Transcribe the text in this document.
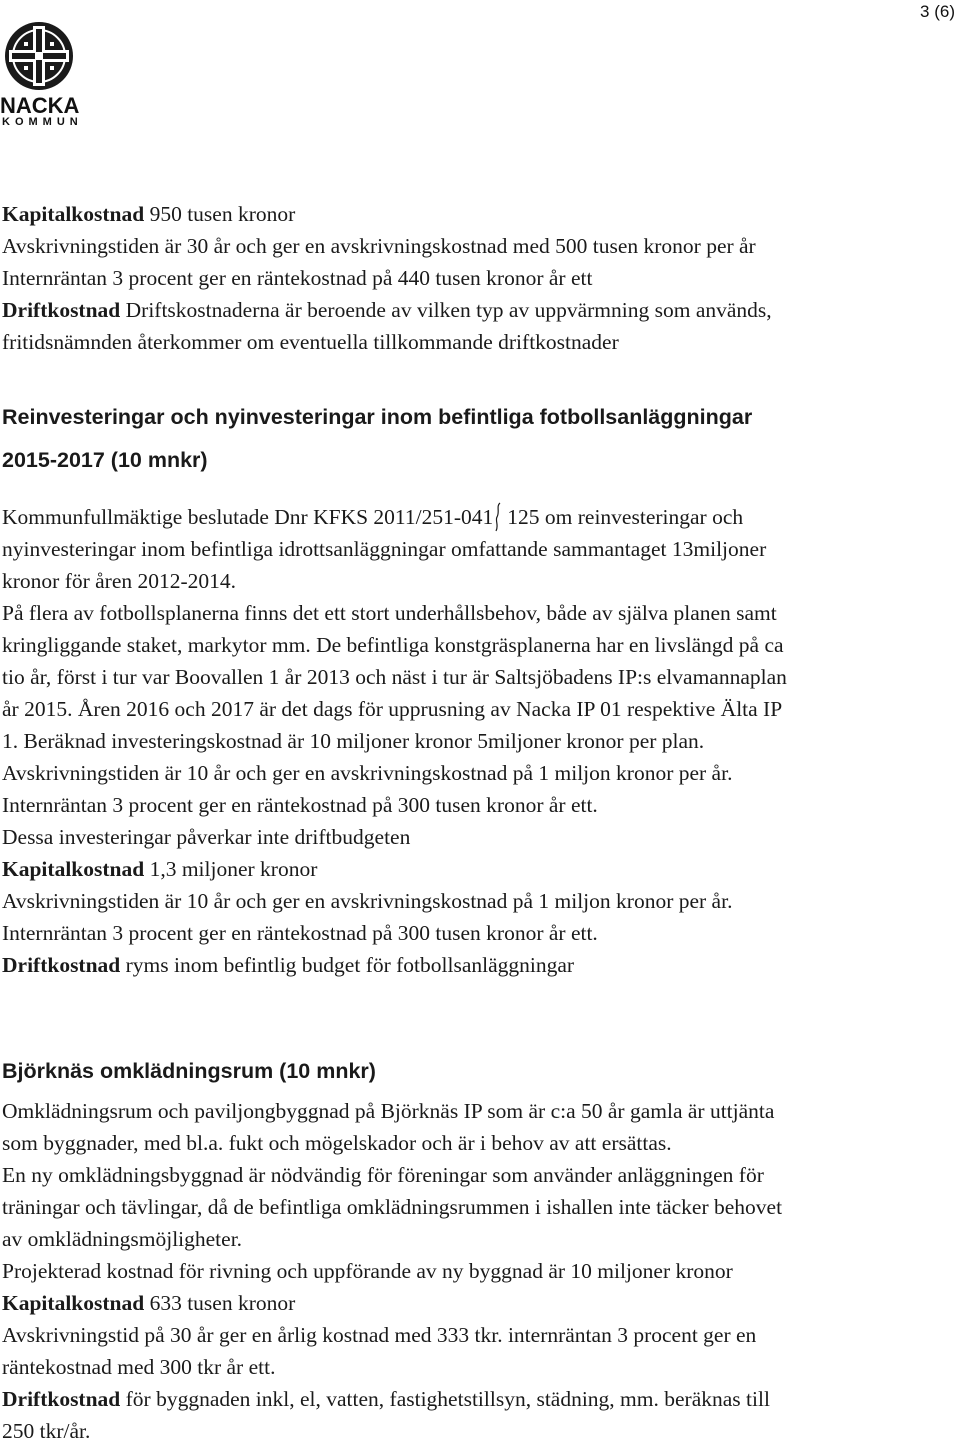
3 (6)
NACKA
KOMMUN

Kapitalkostnad 950 tusen kronor

Avskrivningstiden är 30 år och ger en avskrivningskostnad med 500 tusen kronor per år

Internräntan 3 procent ger en räntekostnad på 440 tusen kronor år ett

Driftkostnad Driftskostnaderna är beroende av vilken typ av uppvärmning som används,

fritidsnämnden återkommer om eventuella tillkommande driftkostnader

Reinvesteringar och nyinvesteringar inom befintliga fotbollsanläggningar

2015-2017 (10 mnkr)

Kommunfullmäktige beslutade Dnr KFKS 2011/251-041 125 om reinvesteringar och

nyinvesteringar inom befintliga idrottsanläggningar omfattande sammantaget 13miljoner

kronor för åren 2012-2014.

På flera av fotbollsplanerna finns det ett stort underhållsbehov, både av själva planen samt

kringliggande staket, markytor mm. De befintliga konstgräsplanerna har en livslängd på ca

tio år, först i tur var Boovallen 1 år 2013 och näst i tur är Saltsjöbadens IP:s elvamannaplan

år 2015. Åren 2016 och 2017 är det dags för upprusning av Nacka IP 01 respektive Älta IP

1. Beräknad investeringskostnad är 10 miljoner kronor 5miljoner kronor per plan.

Avskrivningstiden är 10 år och ger en avskrivningskostnad på 1 miljon kronor per år.

Internräntan 3 procent ger en räntekostnad på 300 tusen kronor år ett.

Dessa investeringar påverkar inte driftbudgeten

Kapitalkostnad 1,3 miljoner kronor

Avskrivningstiden är 10 år och ger en avskrivningskostnad på 1 miljon kronor per år.

Internräntan 3 procent ger en räntekostnad på 300 tusen kronor år ett.

Driftkostnad ryms inom befintlig budget för fotbollsanläggningar

Björknäs omklädningsrum (10 mnkr)

Omklädningsrum och paviljongbyggnad på Björknäs IP som är c:a 50 år gamla är uttjänta

som byggnader, med bl.a. fukt och mögelskador och är i behov av att ersättas.

En ny omklädningsbyggnad är nödvändig för föreningar som använder anläggningen för

träningar och tävlingar, då de befintliga omklädningsrummen i ishallen inte täcker behovet

av omklädningsmöjligheter.

Projekterad kostnad för rivning och uppförande av ny byggnad är 10 miljoner kronor

Kapitalkostnad 633 tusen kronor

Avskrivningstid på 30 år ger en årlig kostnad med 333 tkr. internräntan 3 procent ger en

räntekostnad med 300 tkr år ett.

Driftkostnad för byggnaden inkl, el, vatten, fastighetstillsyn, städning, mm. beräknas till

250 tkr/år.
